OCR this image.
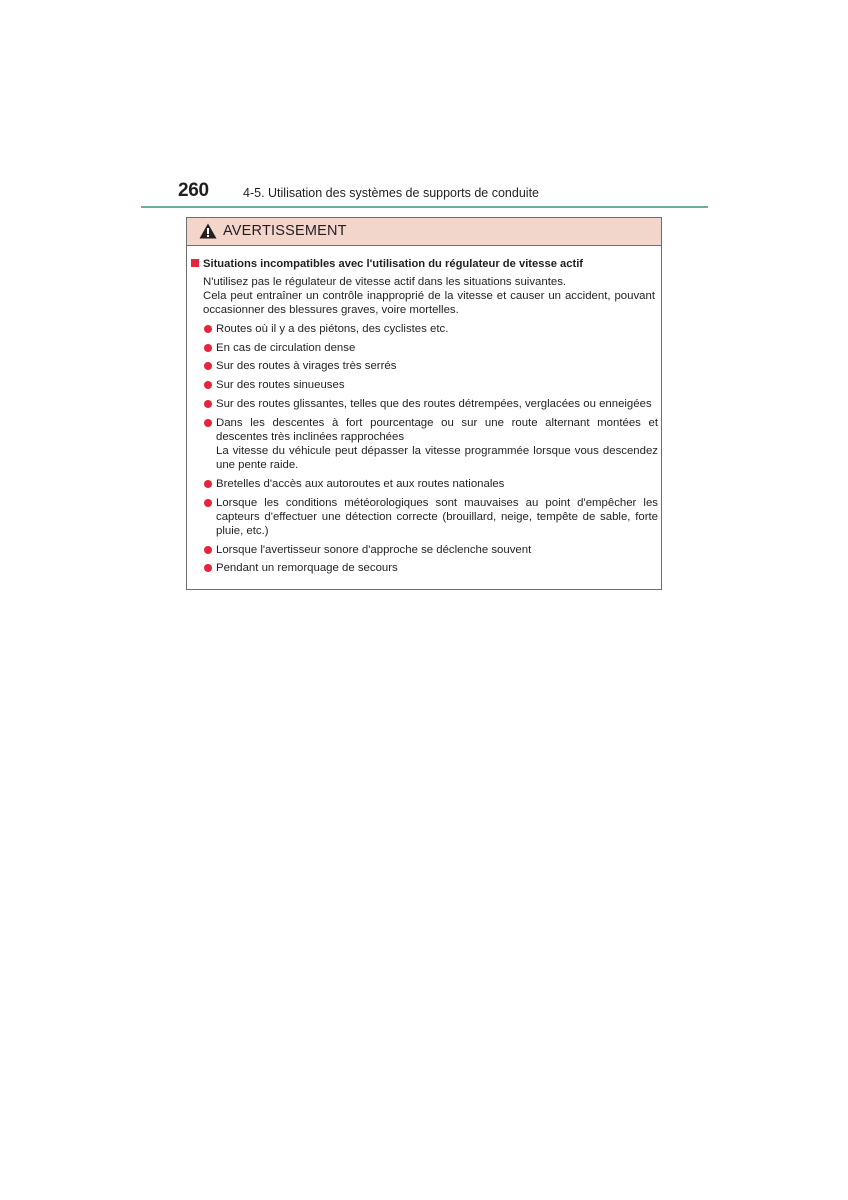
260	4-5. Utilisation des systèmes de supports de conduite
AVERTISSEMENT
Situations incompatibles avec l'utilisation du régulateur de vitesse actif

N'utilisez pas le régulateur de vitesse actif dans les situations suivantes.

Cela peut entraîner un contrôle inapproprié de la vitesse et causer un accident, pouvant occasionner des blessures graves, voire mortelles.

Routes où il y a des piétons, des cyclistes etc.
En cas de circulation dense
Sur des routes à virages très serrés
Sur des routes sinueuses
Sur des routes glissantes, telles que des routes détrempées, verglacées ou enneigées
Dans les descentes à fort pourcentage ou sur une route alternant montées et descentes très inclinées rapprochées
La vitesse du véhicule peut dépasser la vitesse programmée lorsque vous descendez une pente raide.
Bretelles d'accès aux autoroutes et aux routes nationales
Lorsque les conditions météorologiques sont mauvaises au point d'empêcher les capteurs d'effectuer une détection correcte (brouillard, neige, tempête de sable, forte pluie, etc.)
Lorsque l'avertisseur sonore d'approche se déclenche souvent
Pendant un remorquage de secours
